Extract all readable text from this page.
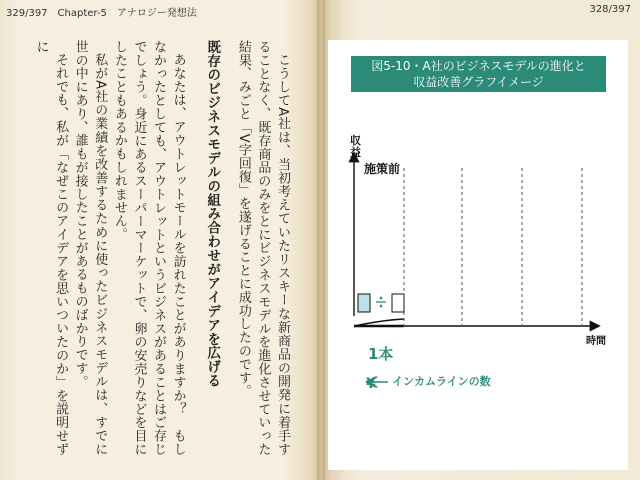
329/397　Chapter-5　アナロジー発想法	328/397

こうしてA社は、当初考えていたリスキーな新商品の開発に着手することなく、既存商品のみをとにビジネスモデルを進化させていった結果、みごと「V字回復」を遂げることに成功したのです。

既存のビジネスモデルの組み合わせがアイデアを広げる

あなたは、アウトレットモールを訪れたことがありますか？　もしなかったとしても、アウトレットというビジネスがあることはご存じでしょう。身近にあるスーパーマーケットで、卵の安売りなどを目にしたこともあるかもしれません。

私がA社の業績を改善するために使ったビジネスモデルは、すでに世の中にあり、誰もが接したことがあるものばかりです。

それでも、私が「なぜこのアイデアを思いついたのか」を説明せずに

図5-10・A社のビジネスモデルの進化と
収益改善グラフイメージ
収
益
施策前
時間
1本
¥ インカムラインの数
